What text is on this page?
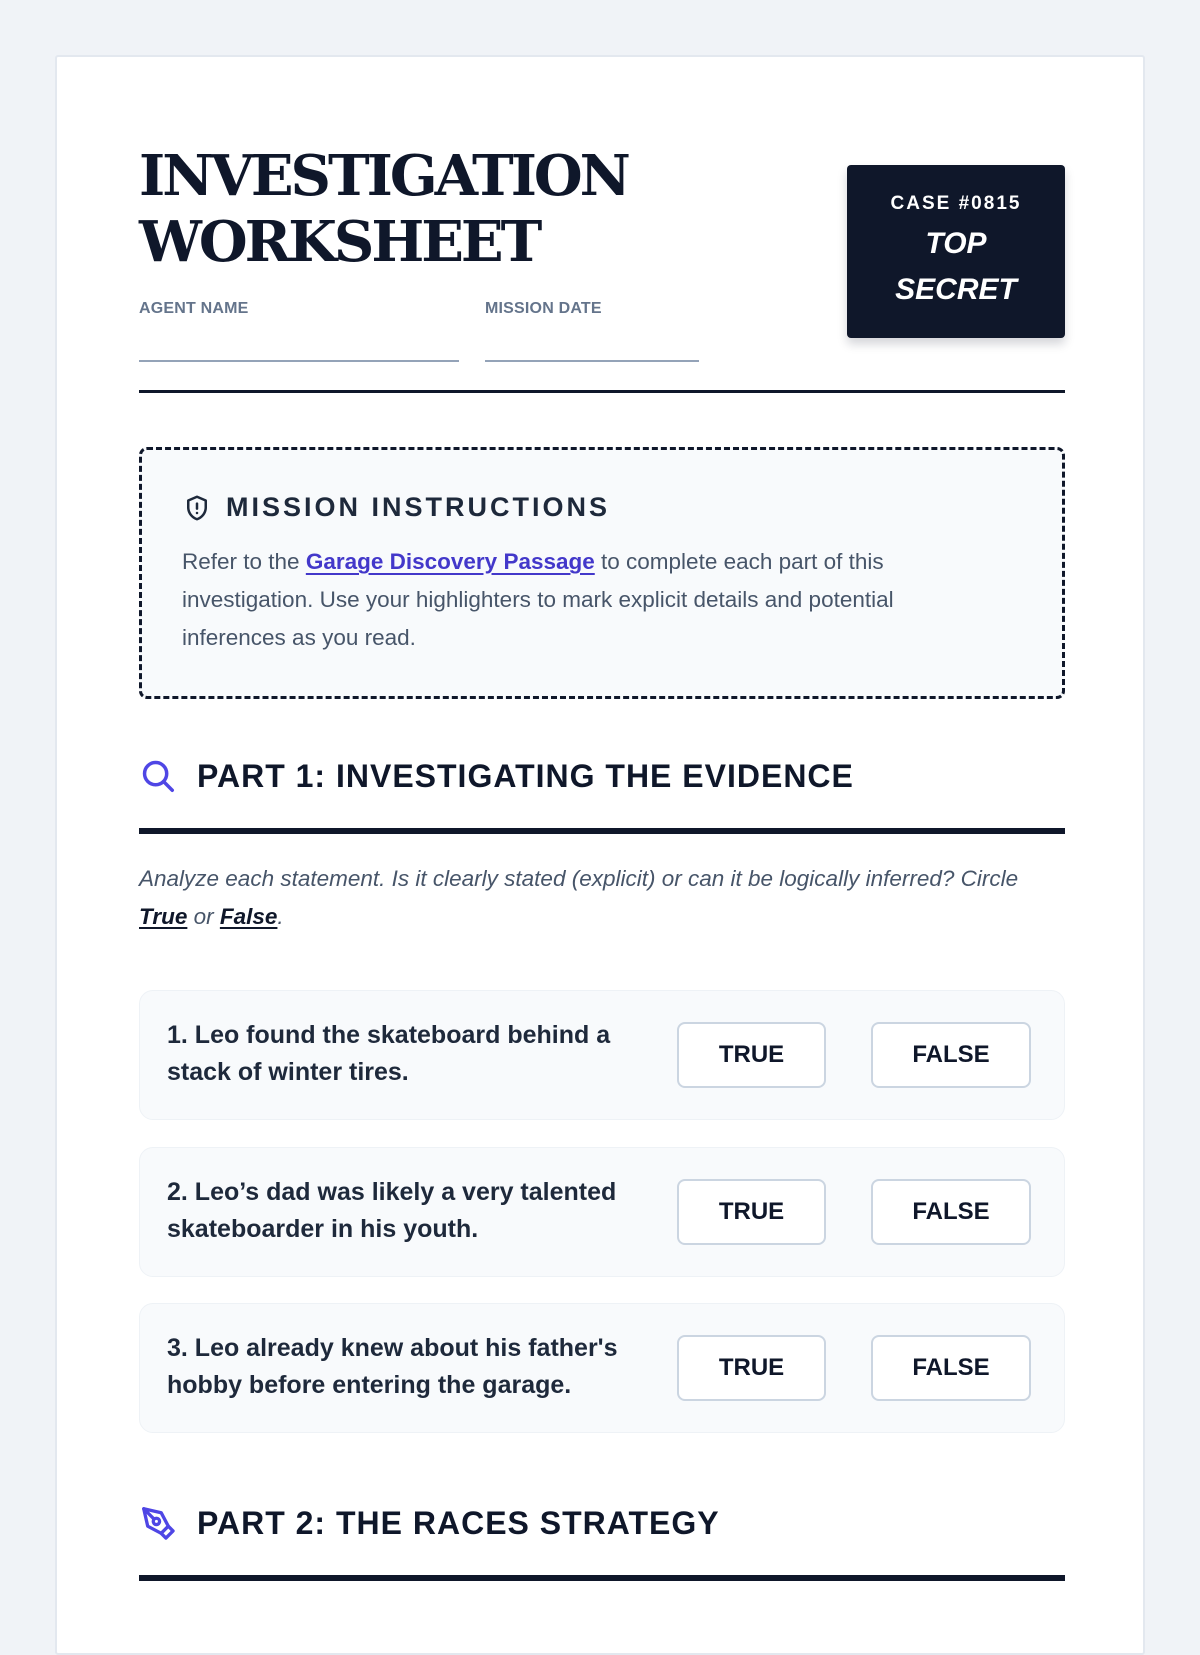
INVESTIGATION
WORKSHEET
AGENT NAME	MISSION DATE
CASE #0815
TOP SECRET
MISSION INSTRUCTIONS

Refer to the Garage Discovery Passage to complete each part of this investigation. Use your highlighters to mark explicit details and potential inferences as you read.

PART 1: INVESTIGATING THE EVIDENCE

Analyze each statement. Is it clearly stated (explicit) or can it be logically inferred? Circle True or False.

1. Leo found the skateboard behind a stack of winter tires.

TRUE	FALSE

2. Leo’s dad was likely a very talented skateboarder in his youth.

TRUE	FALSE

3. Leo already knew about his father's hobby before entering the garage.

TRUE	FALSE
PART 2: THE RACES STRATEGY
